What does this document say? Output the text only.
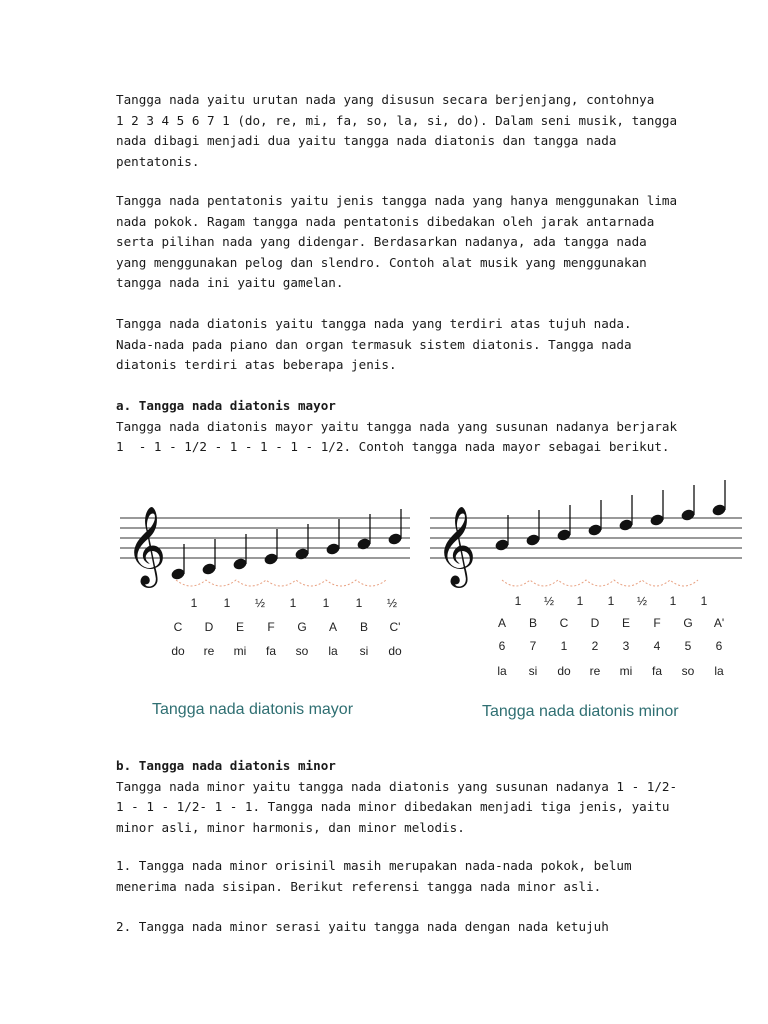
Tangga nada yaitu urutan nada yang disusun secara berjenjang, contohnya
1 2 3 4 5 6 7 1 (do, re, mi, fa, so, la, si, do). Dalam seni musik, tangga
nada dibagi menjadi dua yaitu tangga nada diatonis dan tangga nada
pentatonis.

Tangga nada pentatonis yaitu jenis tangga nada yang hanya menggunakan lima
nada pokok. Ragam tangga nada pentatonis dibedakan oleh jarak antarnada
serta pilihan nada yang didengar. Berdasarkan nadanya, ada tangga nada
yang menggunakan pelog dan slendro. Contoh alat musik yang menggunakan
tangga nada ini yaitu gamelan.

Tangga nada diatonis yaitu tangga nada yang terdiri atas tujuh nada.
Nada-nada pada piano dan organ termasuk sistem diatonis. Tangga nada
diatonis terdiri atas beberapa jenis.

a. Tangga nada diatonis mayor
Tangga nada diatonis mayor yaitu tangga nada yang susunan nadanya berjarak
1  - 1 - 1/2 - 1 - 1 - 1 - 1/2. Contoh tangga nada mayor sebagai berikut.

𝄞
1 1 ½ 1 1 1 ½
C D E F G A B C'
do re mi fa so la si do
Tangga nada diatonis mayor
𝄞
1 ½ 1 1 ½ 1 1
A B C D E F G A'
6 7 1 2 3 4 5 6
la si do re mi fa so la
Tangga nada diatonis minor

b. Tangga nada diatonis minor
Tangga nada minor yaitu tangga nada diatonis yang susunan nadanya 1 - 1/2-
1 - 1 - 1/2- 1 - 1. Tangga nada minor dibedakan menjadi tiga jenis, yaitu
minor asli, minor harmonis, dan minor melodis.

1. Tangga nada minor orisinil masih merupakan nada-nada pokok, belum
menerima nada sisipan. Berikut referensi tangga nada minor asli.

2. Tangga nada minor serasi yaitu tangga nada dengan nada ketujuh
